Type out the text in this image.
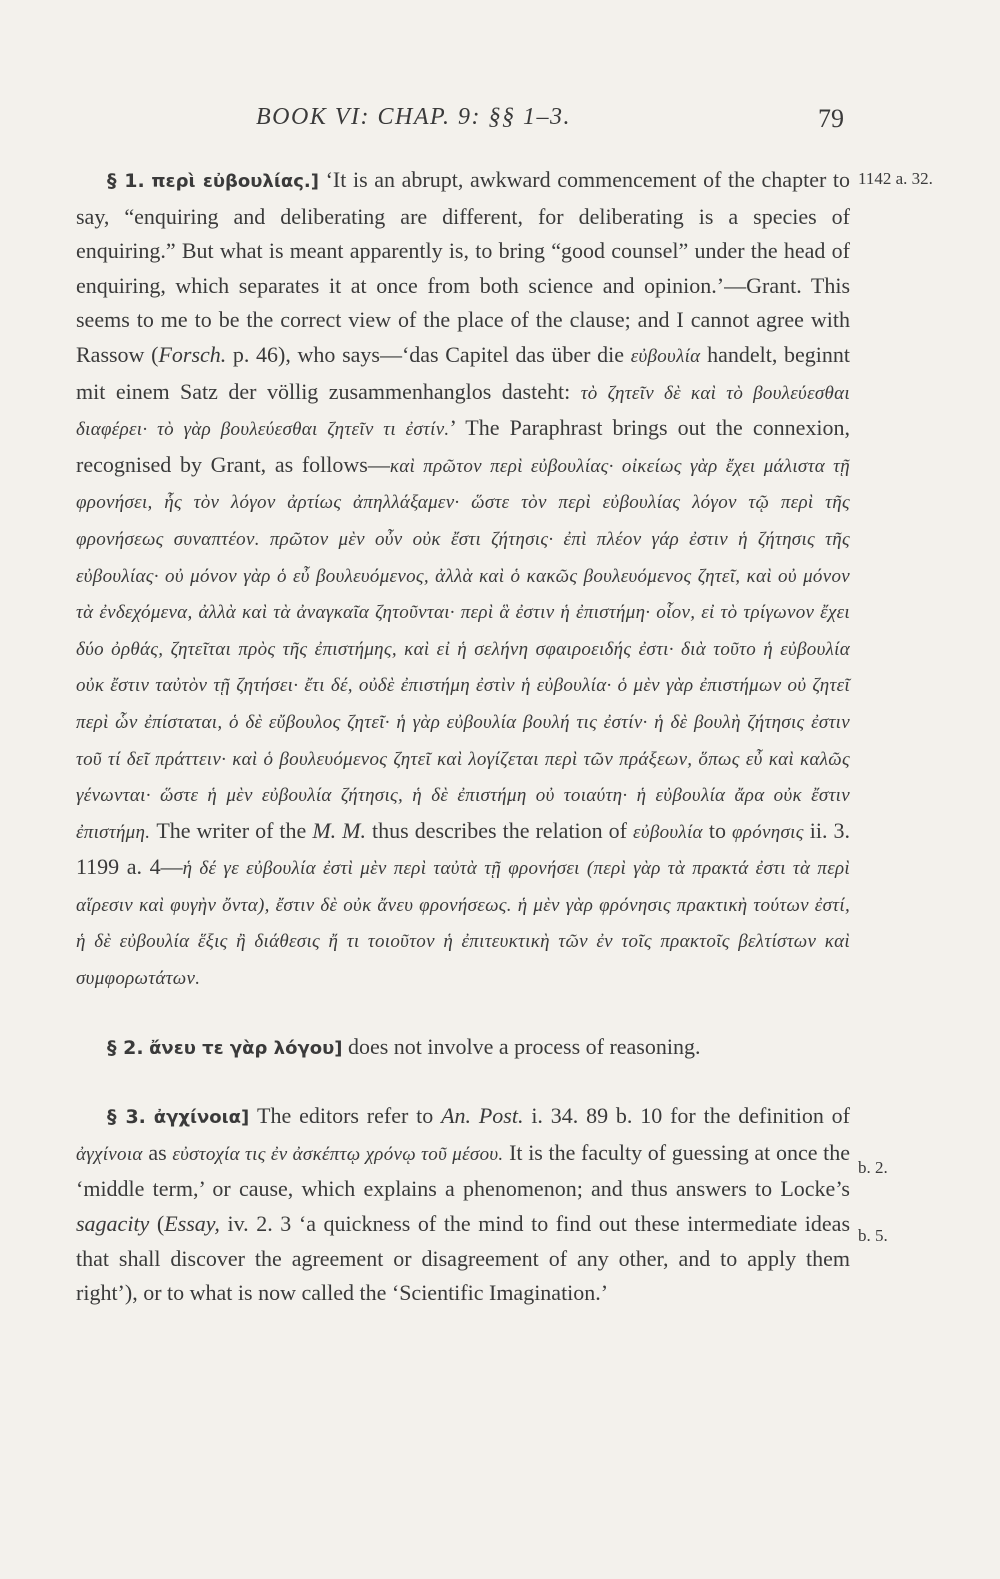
BOOK VI: CHAP. 9: §§ 1–3.	79
1142 a. 32.
b. 2.
b. 5.

§ 1. περὶ εὐβουλίας.] ‘It is an abrupt, awkward commencement of the chapter to say, “enquiring and deliberating are different, for deliberating is a species of enquiring.” But what is meant apparently is, to bring “good counsel” under the head of enquiring, which separates it at once from both science and opinion.’—Grant. This seems to me to be the correct view of the place of the clause; and I cannot agree with Rassow (Forsch. p. 46), who says—‘das Capitel das über die εὐβουλία handelt, beginnt mit einem Satz der völlig zusammenhanglos dasteht: τὸ ζητεῖν δὲ καὶ τὸ βουλεύεσθαι διαφέρει· τὸ γὰρ βουλεύεσθαι ζητεῖν τι ἐστίν.’ The Paraphrast brings out the connexion, recognised by Grant, as follows—καὶ πρῶτον περὶ εὐβουλίας· οἰκείως γὰρ ἔχει μάλιστα τῇ φρονήσει, ἧς τὸν λόγον ἀρτίως ἀπηλλάξαμεν· ὥστε τὸν περὶ εὐβουλίας λόγον τῷ περὶ τῆς φρονήσεως συναπτέον. πρῶτον μὲν οὖν οὐκ ἔστι ζήτησις· ἐπὶ πλέον γάρ ἐστιν ἡ ζήτησις τῆς εὐβουλίας· οὐ μόνον γὰρ ὁ εὖ βουλευόμενος, ἀλλὰ καὶ ὁ κακῶς βουλευόμενος ζητεῖ, καὶ οὐ μόνον τὰ ἐνδεχόμενα, ἀλλὰ καὶ τὰ ἀναγκαῖα ζητοῦνται· περὶ ἃ ἐστιν ἡ ἐπιστήμη· οἷον, εἰ τὸ τρίγωνον ἔχει δύο ὀρθάς, ζητεῖται πρὸς τῆς ἐπιστήμης, καὶ εἰ ἡ σελήνη σφαιροειδής ἐστι· διὰ τοῦτο ἡ εὐβουλία οὐκ ἔστιν ταὐτὸν τῇ ζητήσει· ἔτι δέ, οὐδὲ ἐπιστήμη ἐστὶν ἡ εὐβουλία· ὁ μὲν γὰρ ἐπιστήμων οὐ ζητεῖ περὶ ὧν ἐπίσταται, ὁ δὲ εὔβουλος ζητεῖ· ἡ γὰρ εὐβουλία βουλή τις ἐστίν· ἡ δὲ βουλὴ ζήτησις ἐστιν τοῦ τί δεῖ πράττειν· καὶ ὁ βουλευόμενος ζητεῖ καὶ λογίζεται περὶ τῶν πράξεων, ὅπως εὖ καὶ καλῶς γένωνται· ὥστε ἡ μὲν εὐβουλία ζήτησις, ἡ δὲ ἐπιστήμη οὐ τοιαύτη· ἡ εὐβουλία ἄρα οὐκ ἔστιν ἐπιστήμη. The writer of the M. M. thus describes the relation of εὐβουλία to φρόνησις ii. 3. 1199 a. 4—ἡ δέ γε εὐβουλία ἐστὶ μὲν περὶ ταὐτὰ τῇ φρονήσει (περὶ γὰρ τὰ πρακτά ἐστι τὰ περὶ αἵρεσιν καὶ φυγὴν ὄντα), ἔστιν δὲ οὐκ ἄνευ φρονήσεως. ἡ μὲν γὰρ φρόνησις πρακτικὴ τούτων ἐστί, ἡ δὲ εὐβουλία ἕξις ἢ διάθεσις ἤ τι τοιοῦτον ἡ ἐπιτευκτικὴ τῶν ἐν τοῖς πρακτοῖς βελτίστων καὶ συμφορωτάτων.

§ 2. ἄνευ τε γὰρ λόγου] does not involve a process of reasoning.

§ 3. ἀγχίνοια] The editors refer to An. Post. i. 34. 89 b. 10 for the definition of ἀγχίνοια as εὐστοχία τις ἐν ἀσκέπτῳ χρόνῳ τοῦ μέσου. It is the faculty of guessing at once the ‘middle term,’ or cause, which explains a phenomenon; and thus answers to Locke’s sagacity (Essay, iv. 2. 3 ‘a quickness of the mind to find out these intermediate ideas that shall discover the agreement or disagreement of any other, and to apply them right’), or to what is now called the ‘Scientific Imagination.’
